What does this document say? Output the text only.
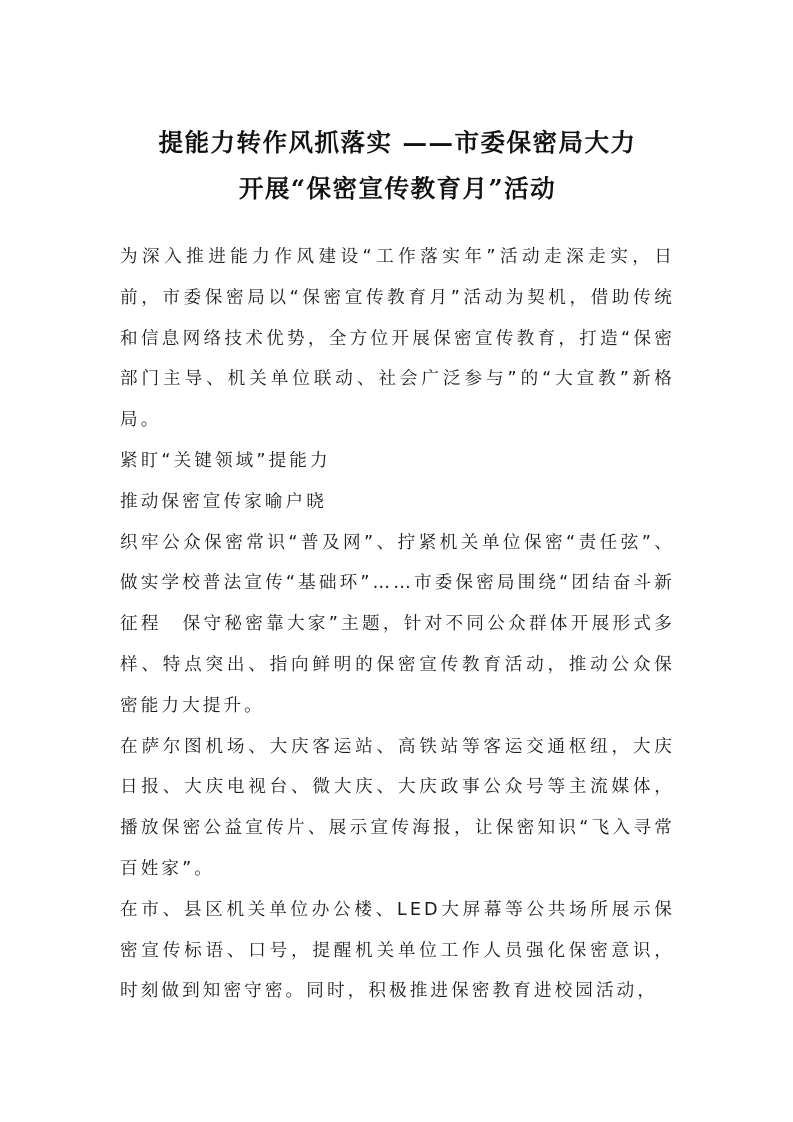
提能力转作风抓落实 ——市委保密局大力
开展“保密宣传教育月”活动

为深入推进能力作风建设“工作落实年”活动走深走实，日前，市委保密局以“保密宣传教育月”活动为契机，借助传统和信息网络技术优势，全方位开展保密宣传教育，打造“保密部门主导、机关单位联动、社会广泛参与”的“大宣教”新格局。

紧盯“关键领域”提能力

推动保密宣传家喻户晓

织牢公众保密常识“普及网”、拧紧机关单位保密“责任弦”、做实学校普法宣传“基础环”……市委保密局围绕“团结奋斗新征程　保守秘密靠大家”主题，针对不同公众群体开展形式多样、特点突出、指向鲜明的保密宣传教育活动，推动公众保密能力大提升。

在萨尔图机场、大庆客运站、高铁站等客运交通枢纽，大庆日报、大庆电视台、微大庆、大庆政事公众号等主流媒体，播放保密公益宣传片、展示宣传海报，让保密知识“飞入寻常百姓家”。

在市、县区机关单位办公楼、LED大屏幕等公共场所展示保密宣传标语、口号，提醒机关单位工作人员强化保密意识，时刻做到知密守密。同时，积极推进保密教育进校园活动，
